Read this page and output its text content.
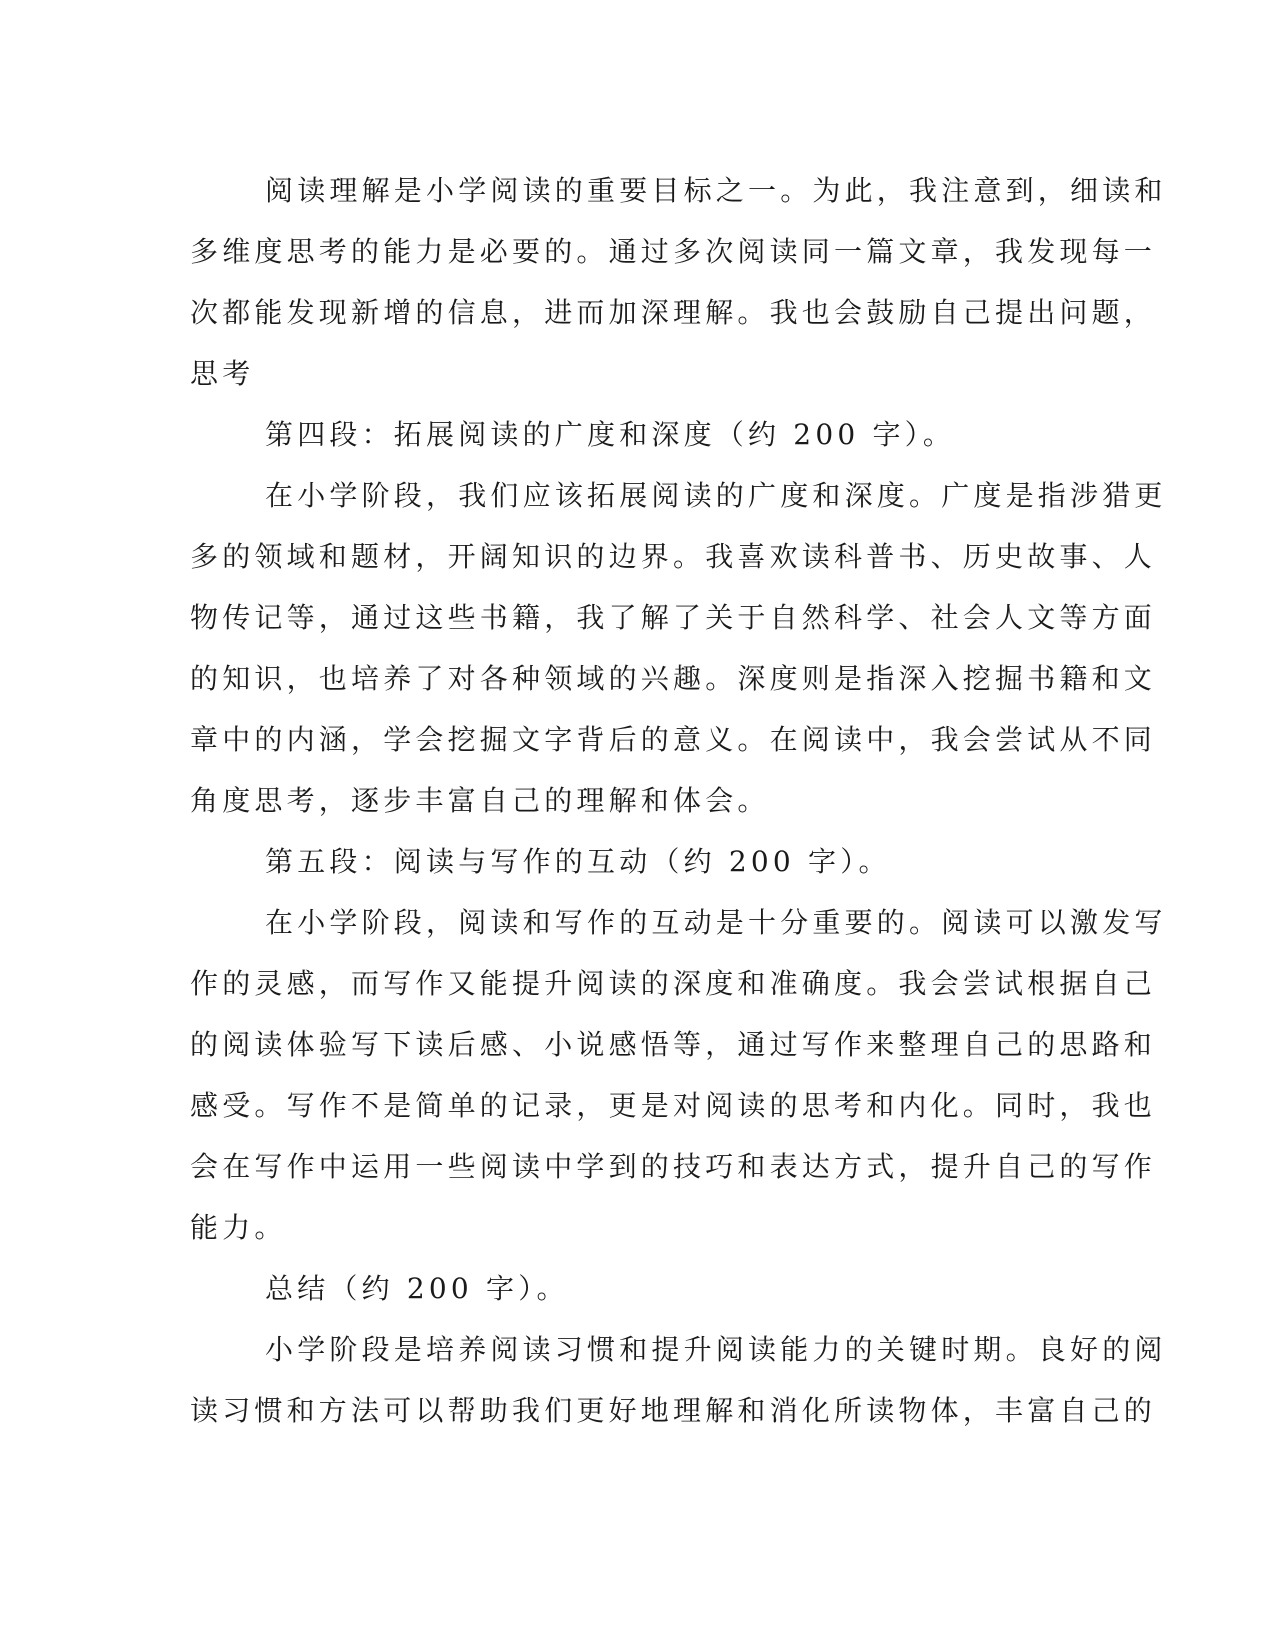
阅读理解是小学阅读的重要目标之一。为此，我注意到，细读和
多维度思考的能力是必要的。通过多次阅读同一篇文章，我发现每一
次都能发现新增的信息，进而加深理解。我也会鼓励自己提出问题，
思考
第四段：拓展阅读的广度和深度（约 200 字）。
在小学阶段，我们应该拓展阅读的广度和深度。广度是指涉猎更
多的领域和题材，开阔知识的边界。我喜欢读科普书、历史故事、人
物传记等，通过这些书籍，我了解了关于自然科学、社会人文等方面
的知识，也培养了对各种领域的兴趣。深度则是指深入挖掘书籍和文
章中的内涵，学会挖掘文字背后的意义。在阅读中，我会尝试从不同
角度思考，逐步丰富自己的理解和体会。
第五段：阅读与写作的互动（约 200 字）。
在小学阶段，阅读和写作的互动是十分重要的。阅读可以激发写
作的灵感，而写作又能提升阅读的深度和准确度。我会尝试根据自己
的阅读体验写下读后感、小说感悟等，通过写作来整理自己的思路和
感受。写作不是简单的记录，更是对阅读的思考和内化。同时，我也
会在写作中运用一些阅读中学到的技巧和表达方式，提升自己的写作
能力。
总结（约 200 字）。
小学阶段是培养阅读习惯和提升阅读能力的关键时期。良好的阅
读习惯和方法可以帮助我们更好地理解和消化所读物体，丰富自己的
